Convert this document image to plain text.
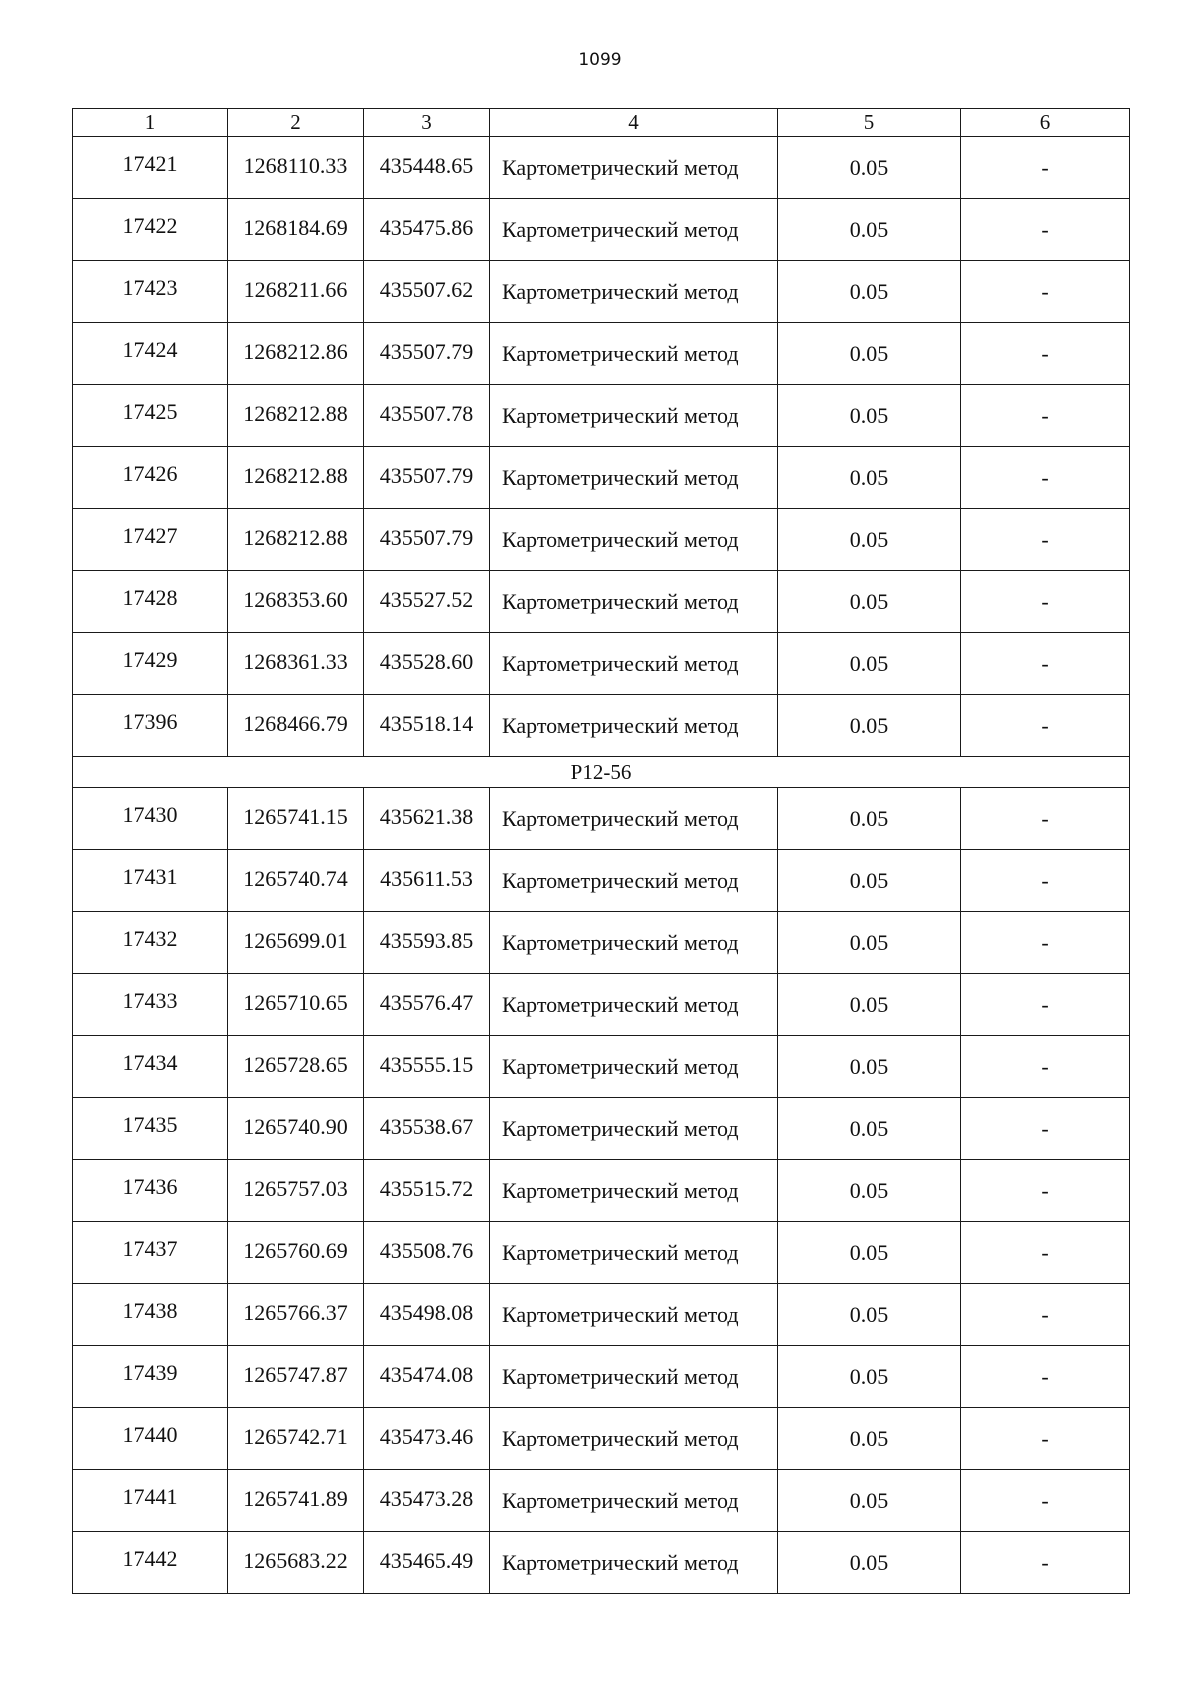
1099
1	2	3	4	5	6
17421	1268110.33	435448.65	Картометрический метод	0.05	-
17422	1268184.69	435475.86	Картометрический метод	0.05	-
17423	1268211.66	435507.62	Картометрический метод	0.05	-
17424	1268212.86	435507.79	Картометрический метод	0.05	-
17425	1268212.88	435507.78	Картометрический метод	0.05	-
17426	1268212.88	435507.79	Картометрический метод	0.05	-
17427	1268212.88	435507.79	Картометрический метод	0.05	-
17428	1268353.60	435527.52	Картометрический метод	0.05	-
17429	1268361.33	435528.60	Картометрический метод	0.05	-
17396	1268466.79	435518.14	Картометрический метод	0.05	-
Р12-56					
17430	1265741.15	435621.38	Картометрический метод	0.05	-
17431	1265740.74	435611.53	Картометрический метод	0.05	-
17432	1265699.01	435593.85	Картометрический метод	0.05	-
17433	1265710.65	435576.47	Картометрический метод	0.05	-
17434	1265728.65	435555.15	Картометрический метод	0.05	-
17435	1265740.90	435538.67	Картометрический метод	0.05	-
17436	1265757.03	435515.72	Картометрический метод	0.05	-
17437	1265760.69	435508.76	Картометрический метод	0.05	-
17438	1265766.37	435498.08	Картометрический метод	0.05	-
17439	1265747.87	435474.08	Картометрический метод	0.05	-
17440	1265742.71	435473.46	Картометрический метод	0.05	-
17441	1265741.89	435473.28	Картометрический метод	0.05	-
17442	1265683.22	435465.49	Картометрический метод	0.05	-
